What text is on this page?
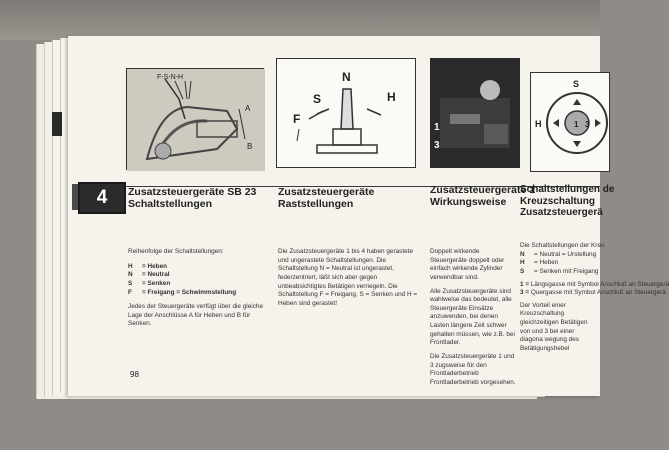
F-S-N-H
A
B
N
S
F
H
1
3
S
H	1 3
Zusatzsteuergeräte SB 23
Schaltstellungen
Zusatzsteuergeräte
Raststellungen
Zusatzsteuergeräte 1
Wirkungsweise
Schaltstellungen de
Kreuzschaltung
Zusatzsteuergerä

Reihenfolge der Schaltstellungen:

H	= Heben
N	= Neutral
S	= Senken
F	= Freigang = Schwimmstellung

Jedes der Steuergeräte verfügt über die gleiche Lage der Anschlüsse A für Heben und B für Senken.

Die Zusatzsteuergeräte 1 bis 4 haben gerastete und ungerastete Schaltstellungen. Die Schaltstellung N = Neutral ist ungerastet, federzentriert, läßt sich aber gegen unbeabsichtigtes Betätigen verriegeln. Die Schaltstellung F = Freigang, S = Senken und H = Heben sind gerastet!

Doppelt wirkende Steuergeräte doppelt oder einfach wirkende Zylinder verwendbar sind.

Alle Zusatzsteuergeräte sind wahlweise das bedeutet, alle Steuergeräte Einsätze anzuwenden, bei denen Lasten längere Zeit schwer gehalten müssen, wie z.B. bei Frontlader.

Die Zusatzsteuergeräte 1 und 3 zugsweise für den Frontladerbetrieb Frontladerbetrieb vorgesehen.

Die Schaltstellungen der Kreu

N	= Neutral = Urstellung
H	= Heben
S	= Senken mit Freigang

1 = Längsgasse mit Symbol Anschluß an Steuergerä

3 = Quergasse mit Symbol Anschluß an Steuergerä

Der Vorteil einer Kreuzschaltung gleichzeitigen Betätigen von und 3 bei einer diagona wegung des Betätigungshebel

98
4
